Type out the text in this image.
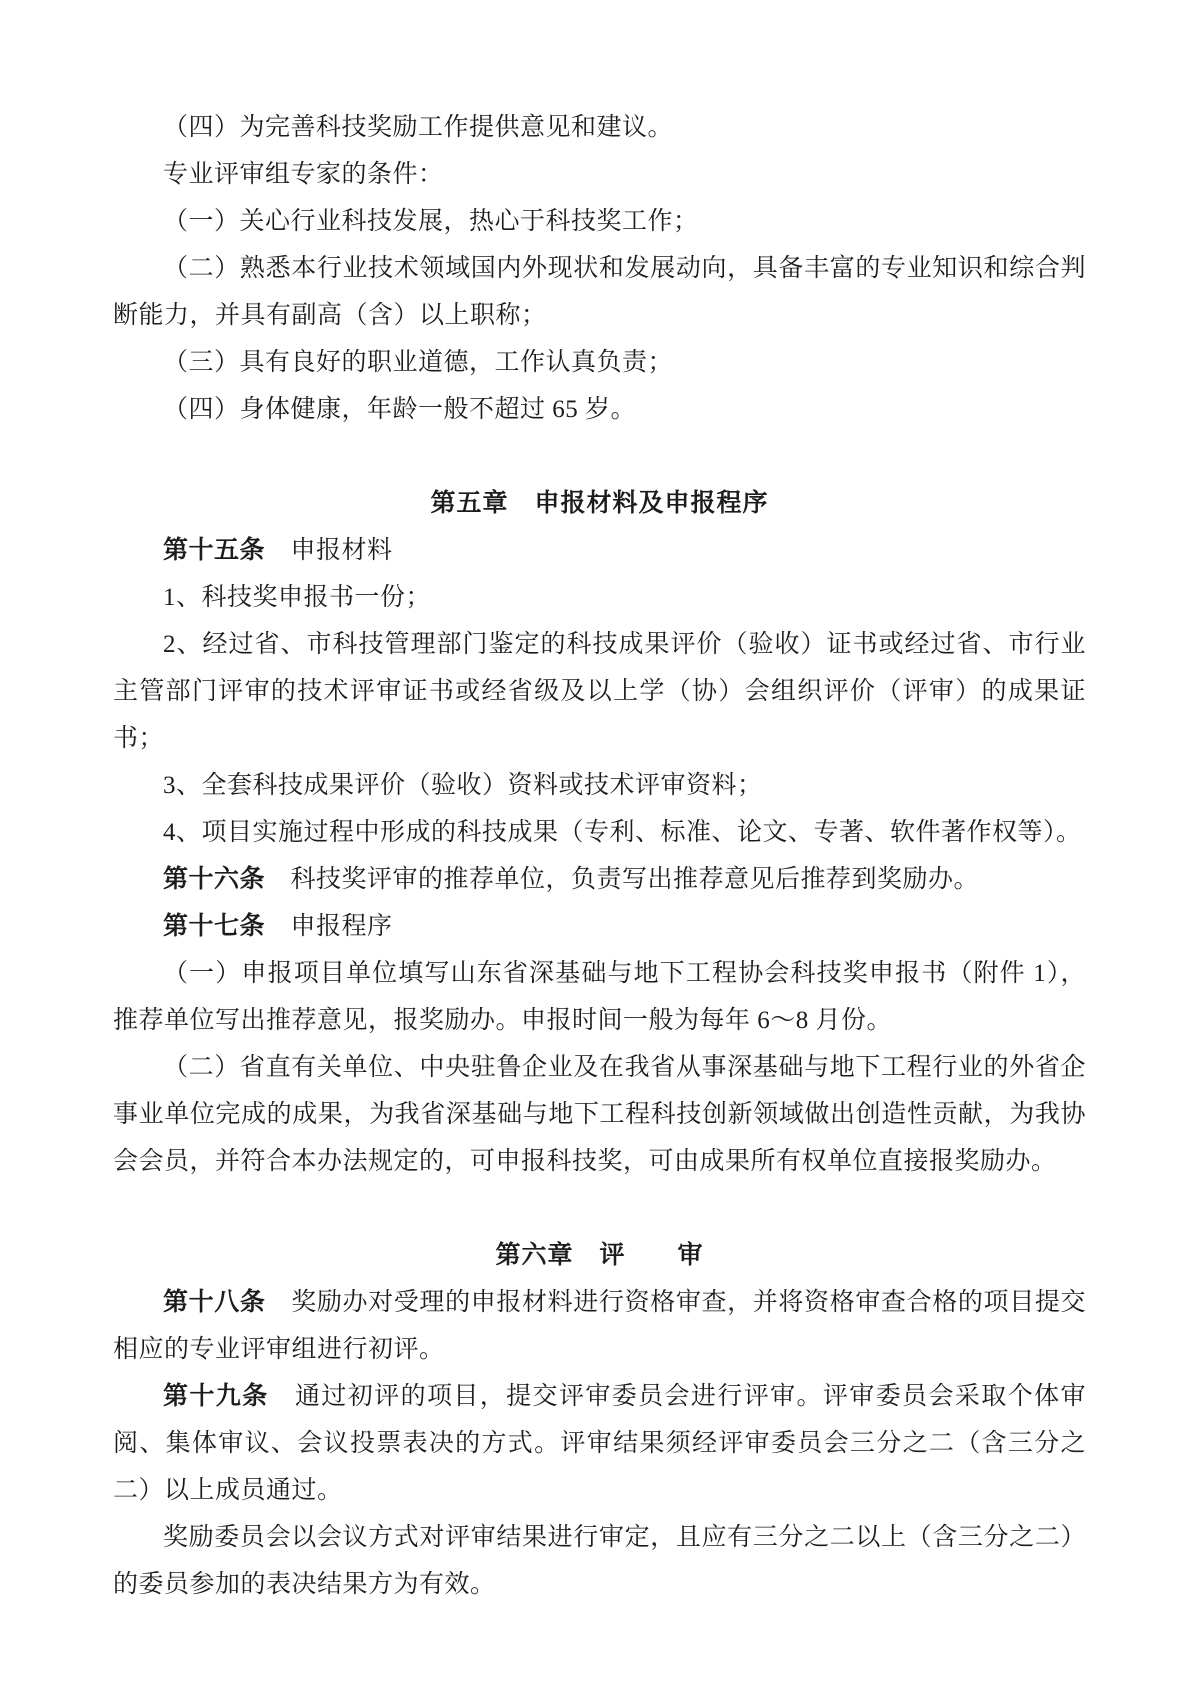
（四）为完善科技奖励工作提供意见和建议。

专业评审组专家的条件：

（一）关心行业科技发展，热心于科技奖工作；

（二）熟悉本行业技术领域国内外现状和发展动向，具备丰富的专业知识和综合判断能力，并具有副高（含）以上职称；

（三）具有良好的职业道德，工作认真负责；

（四）身体健康，年龄一般不超过 65 岁。

第五章　申报材料及申报程序

第十五条　申报材料

1、科技奖申报书一份；

2、经过省、市科技管理部门鉴定的科技成果评价（验收）证书或经过省、市行业主管部门评审的技术评审证书或经省级及以上学（协）会组织评价（评审）的成果证书；

3、全套科技成果评价（验收）资料或技术评审资料；

4、项目实施过程中形成的科技成果（专利、标准、论文、专著、软件著作权等）。

第十六条　科技奖评审的推荐单位，负责写出推荐意见后推荐到奖励办。

第十七条　申报程序

（一）申报项目单位填写山东省深基础与地下工程协会科技奖申报书（附件 1），推荐单位写出推荐意见，报奖励办。申报时间一般为每年 6～8 月份。

（二）省直有关单位、中央驻鲁企业及在我省从事深基础与地下工程行业的外省企事业单位完成的成果，为我省深基础与地下工程科技创新领域做出创造性贡献，为我协会会员，并符合本办法规定的，可申报科技奖，可由成果所有权单位直接报奖励办。

第六章　评　　审

第十八条　奖励办对受理的申报材料进行资格审查，并将资格审查合格的项目提交相应的专业评审组进行初评。

第十九条　通过初评的项目，提交评审委员会进行评审。评审委员会采取个体审阅、集体审议、会议投票表决的方式。评审结果须经评审委员会三分之二（含三分之二）以上成员通过。

奖励委员会以会议方式对评审结果进行审定，且应有三分之二以上（含三分之二）的委员参加的表决结果方为有效。
